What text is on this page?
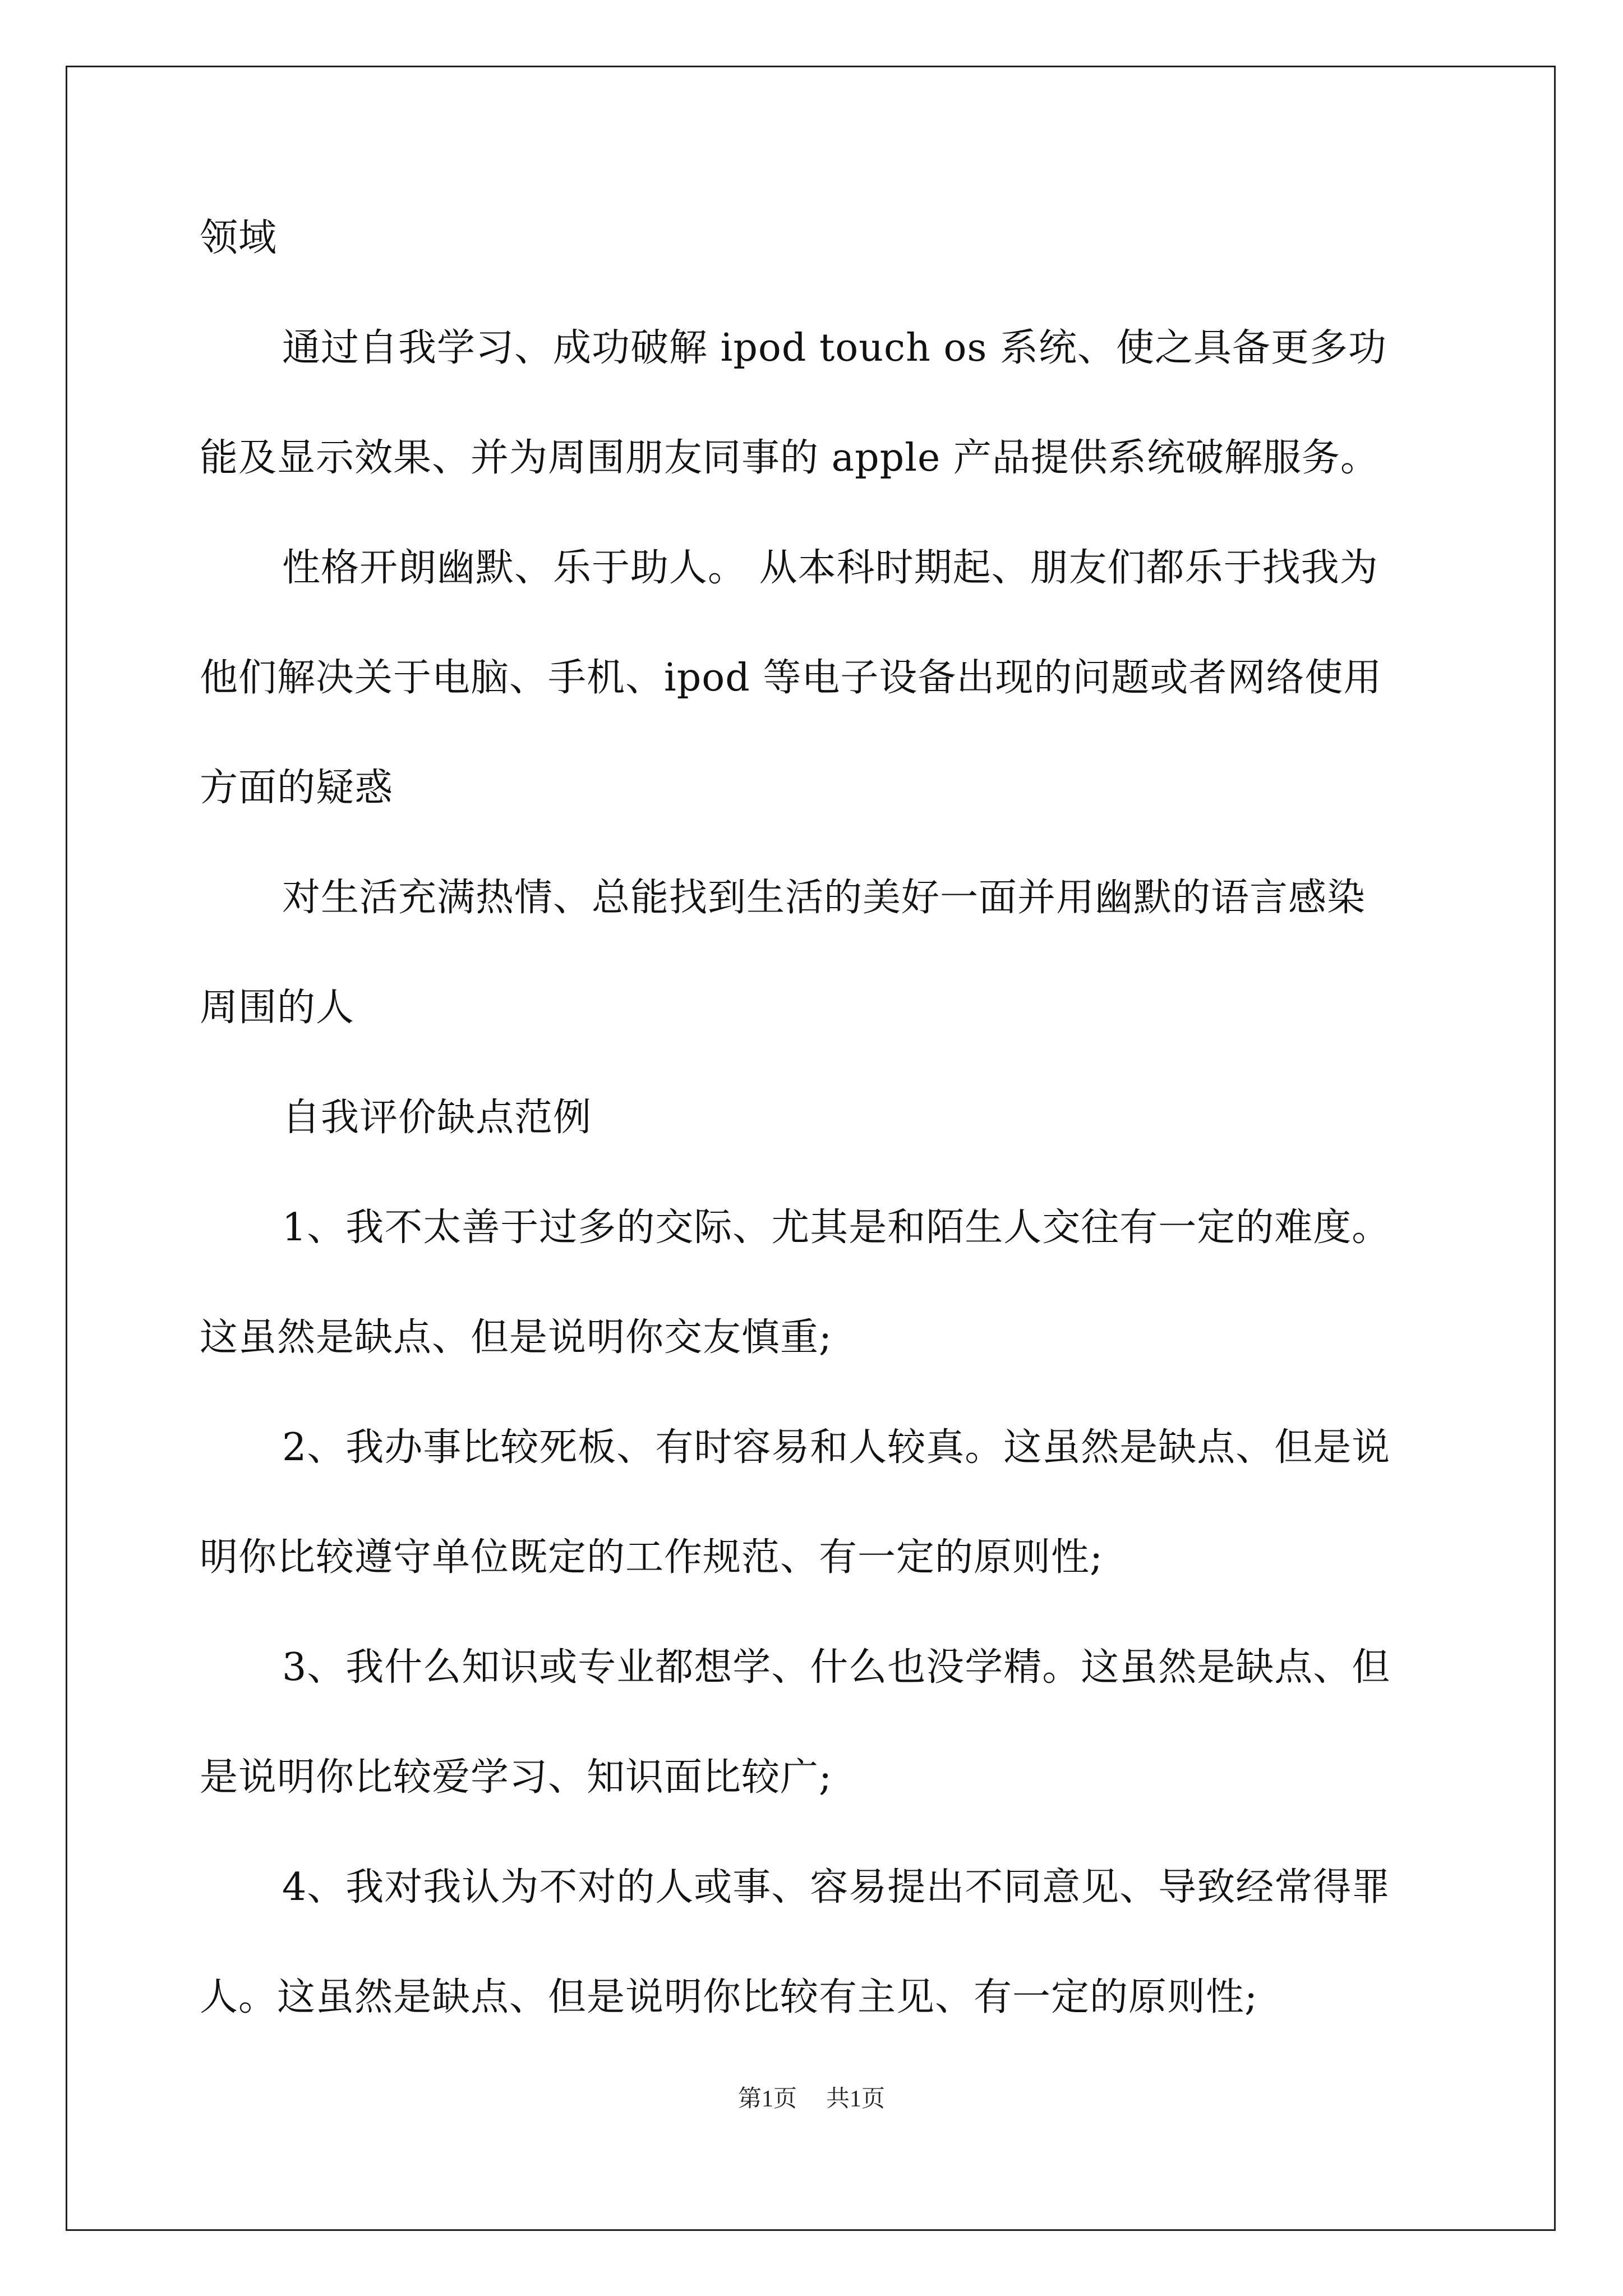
领域
通过自我学习、成功破解 ipod touch os 系统、使之具备更多功
能及显示效果、并为周围朋友同事的 apple 产品提供系统破解服务。
性格开朗幽默、乐于助人。 从本科时期起、朋友们都乐于找我为
他们解决关于电脑、手机、ipod 等电子设备出现的问题或者网络使用
方面的疑惑
对生活充满热情、总能找到生活的美好一面并用幽默的语言感染
周围的人
自我评价缺点范例
1、我不太善于过多的交际、尤其是和陌生人交往有一定的难度。
这虽然是缺点、但是说明你交友慎重;
2、我办事比较死板、有时容易和人较真。这虽然是缺点、但是说
明你比较遵守单位既定的工作规范、有一定的原则性;
3、我什么知识或专业都想学、什么也没学精。这虽然是缺点、但
是说明你比较爱学习、知识面比较广;
4、我对我认为不对的人或事、容易提出不同意见、导致经常得罪
人。这虽然是缺点、但是说明你比较有主见、有一定的原则性;
第1页 共1页
